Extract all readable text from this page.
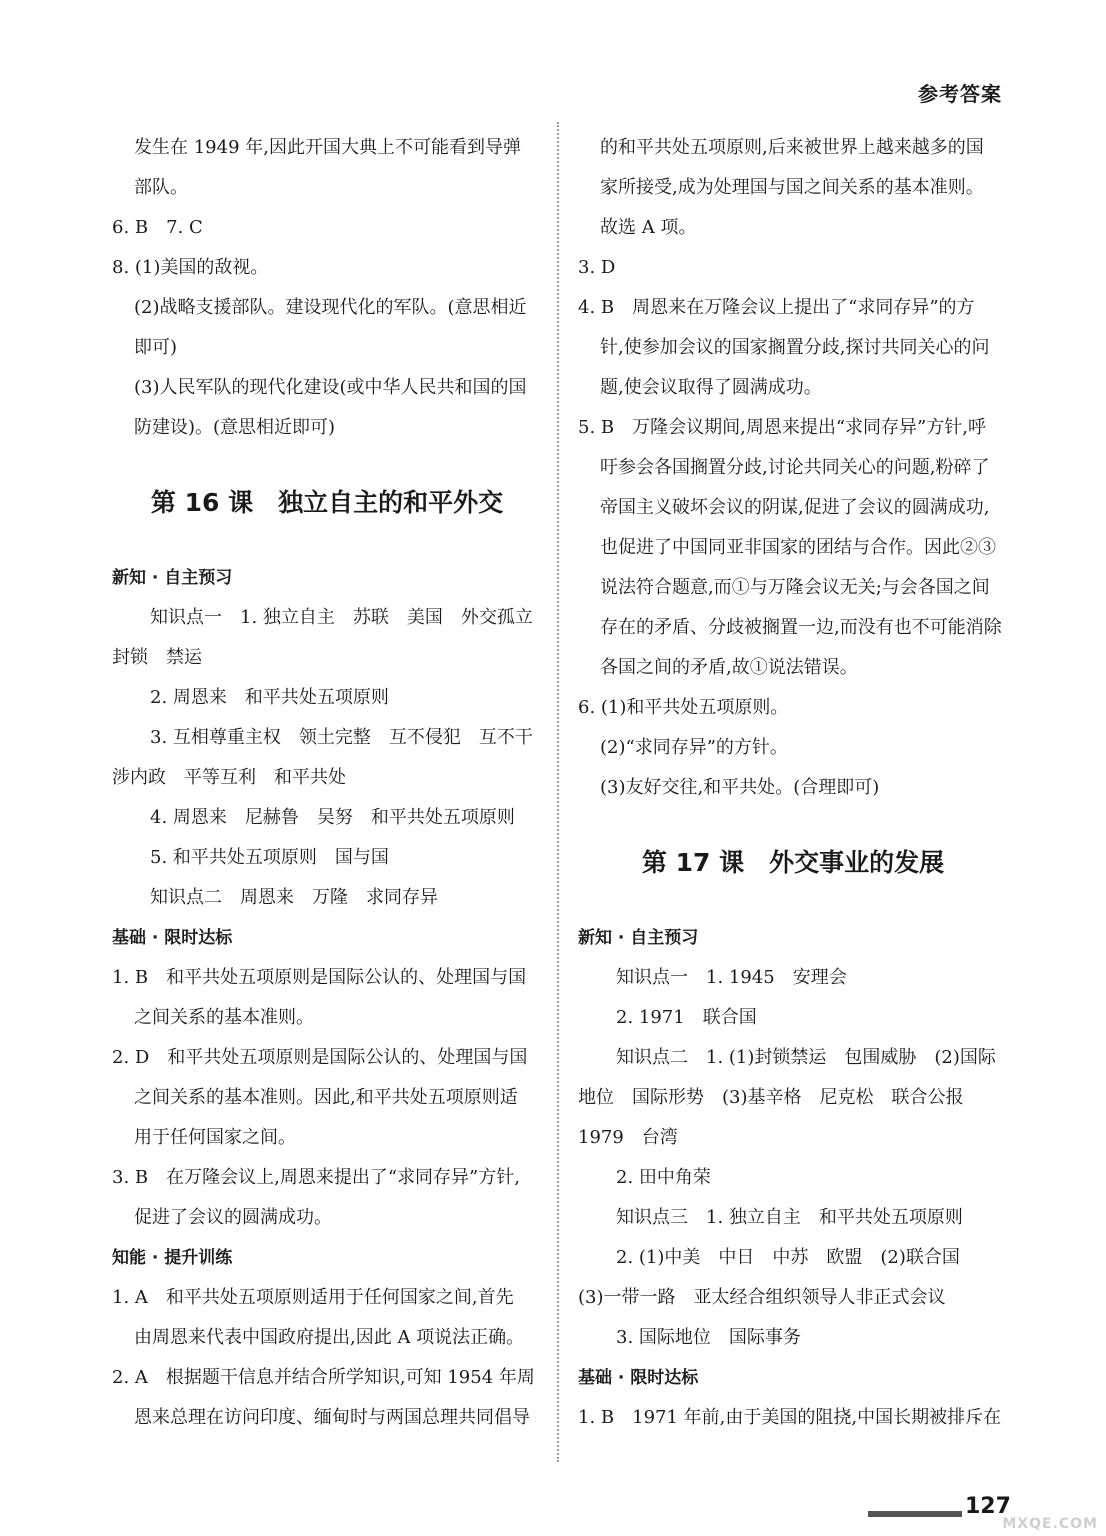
参考答案
发生在 1949 年,因此开国大典上不可能看到导弹
部队。
6. B　7. C
8. (1)美国的敌视。
(2)战略支援部队。建设现代化的军队。(意思相近
即可)
(3)人民军队的现代化建设(或中华人民共和国的国
防建设)。(意思相近即可)
第 16 课　独立自主的和平外交
新知 · 自主预习
知识点一　1. 独立自主　苏联　美国　外交孤立
封锁　禁运
2. 周恩来　和平共处五项原则
3. 互相尊重主权　领土完整　互不侵犯　互不干
涉内政　平等互利　和平共处
4. 周恩来　尼赫鲁　吴努　和平共处五项原则
5. 和平共处五项原则　国与国
知识点二　周恩来　万隆　求同存异
基础 · 限时达标
1. B　和平共处五项原则是国际公认的、处理国与国
之间关系的基本准则。
2. D　和平共处五项原则是国际公认的、处理国与国
之间关系的基本准则。因此,和平共处五项原则适
用于任何国家之间。
3. B　在万隆会议上,周恩来提出了“求同存异”方针,
促进了会议的圆满成功。
知能 · 提升训练
1. A　和平共处五项原则适用于任何国家之间,首先
由周恩来代表中国政府提出,因此 A 项说法正确。
2. A　根据题干信息并结合所学知识,可知 1954 年周
恩来总理在访问印度、缅甸时与两国总理共同倡导
的和平共处五项原则,后来被世界上越来越多的国
家所接受,成为处理国与国之间关系的基本准则。
故选 A 项。
3. D
4. B　周恩来在万隆会议上提出了“求同存异”的方
针,使参加会议的国家搁置分歧,探讨共同关心的问
题,使会议取得了圆满成功。
5. B　万隆会议期间,周恩来提出“求同存异”方针,呼
吁参会各国搁置分歧,讨论共同关心的问题,粉碎了
帝国主义破坏会议的阴谋,促进了会议的圆满成功,
也促进了中国同亚非国家的团结与合作。因此②③
说法符合题意,而①与万隆会议无关;与会各国之间
存在的矛盾、分歧被搁置一边,而没有也不可能消除
各国之间的矛盾,故①说法错误。
6. (1)和平共处五项原则。
(2)“求同存异”的方针。
(3)友好交往,和平共处。(合理即可)
第 17 课　外交事业的发展
新知 · 自主预习
知识点一　1. 1945　安理会
2. 1971　联合国
知识点二　1. (1)封锁禁运　包围威胁　(2)国际
地位　国际形势　(3)基辛格　尼克松　联合公报
1979　台湾
2. 田中角荣
知识点三　1. 独立自主　和平共处五项原则
2. (1)中美　中日　中苏　欧盟　(2)联合国
(3)一带一路　亚太经合组织领导人非正式会议
3. 国际地位　国际事务
基础 · 限时达标
1. B　1971 年前,由于美国的阻挠,中国长期被排斥在
127
MXQE.COM
